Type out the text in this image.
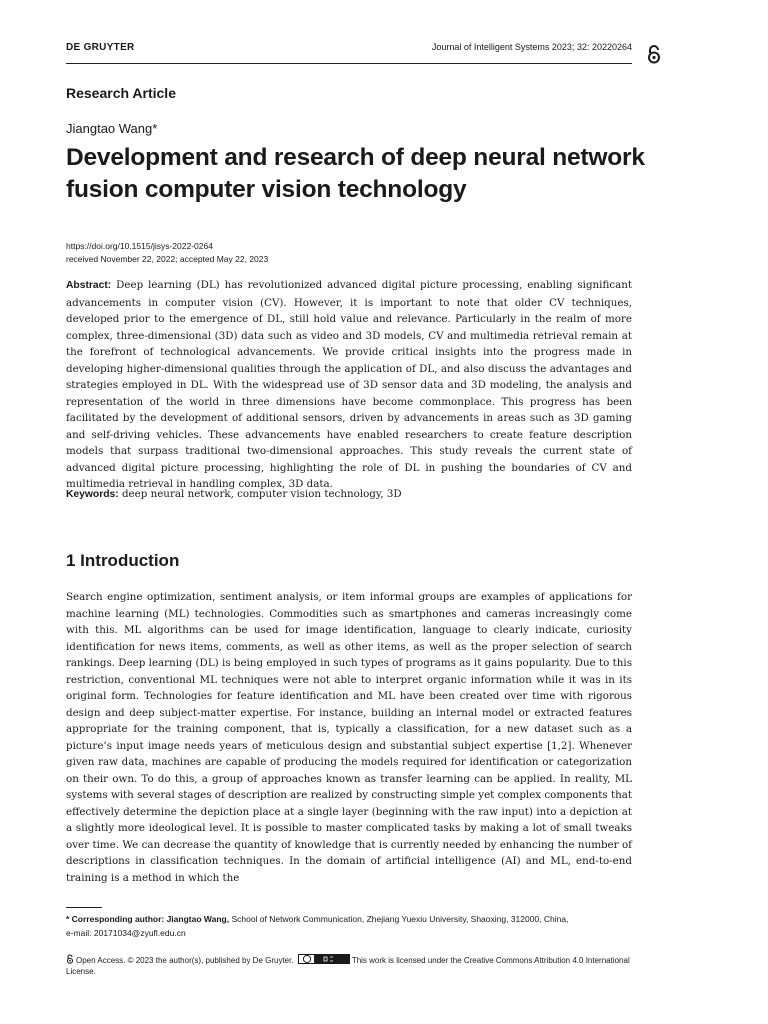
DE GRUYTER	Journal of Intelligent Systems 2023; 32: 20220264
Research Article
Jiangtao Wang*
Development and research of deep neural network fusion computer vision technology
https://doi.org/10.1515/jisys-2022-0264
received November 22, 2022; accepted May 22, 2023

Abstract: Deep learning (DL) has revolutionized advanced digital picture processing, enabling significant advancements in computer vision (CV). However, it is important to note that older CV techniques, developed prior to the emergence of DL, still hold value and relevance. Particularly in the realm of more complex, three-dimensional (3D) data such as video and 3D models, CV and multimedia retrieval remain at the forefront of technological advancements. We provide critical insights into the progress made in developing higher-dimensional qualities through the application of DL, and also discuss the advantages and strategies employed in DL. With the widespread use of 3D sensor data and 3D modeling, the analysis and representation of the world in three dimensions have become commonplace. This progress has been facilitated by the development of additional sensors, driven by advancements in areas such as 3D gaming and self-driving vehicles. These advancements have enabled researchers to create feature description models that surpass traditional two-dimensional approaches. This study reveals the current state of advanced digital picture processing, highlighting the role of DL in pushing the boundaries of CV and multimedia retrieval in handling complex, 3D data.

Keywords: deep neural network, computer vision technology, 3D

1 Introduction

Search engine optimization, sentiment analysis, or item informal groups are examples of applications for machine learning (ML) technologies. Commodities such as smartphones and cameras increasingly come with this. ML algorithms can be used for image identification, language to clearly indicate, curiosity identification for news items, comments, as well as other items, as well as the proper selection of search rankings. Deep learning (DL) is being employed in such types of programs as it gains popularity. Due to this restriction, conventional ML techniques were not able to interpret organic information while it was in its original form. Technologies for feature identification and ML have been created over time with rigorous design and deep subject-matter expertise. For instance, building an internal model or extracted features appropriate for the training component, that is, typically a classification, for a new dataset such as a picture’s input image needs years of meticulous design and substantial subject expertise [1,2]. Whenever given raw data, machines are capable of producing the models required for identification or categorization on their own. To do this, a group of approaches known as transfer learning can be applied. In reality, ML systems with several stages of description are realized by constructing simple yet complex components that effectively determine the depiction place at a single layer (beginning with the raw input) into a depiction at a slightly more ideological level. It is possible to master complicated tasks by making a lot of small tweaks over time. We can decrease the quantity of knowledge that is currently needed by enhancing the number of descriptions in classification techniques. In the domain of artificial intelligence (AI) and ML, end-to-end training is a method in which the

* Corresponding author: Jiangtao Wang, School of Network Communication, Zhejiang Yuexiu University, Shaoxing, 312000, China,
e-mail: 20171034@zyufl.edu.cn

Open Access. © 2023 the author(s), published by De Gruyter.	This work is licensed under the Creative Commons Attribution 4.0 International License.
